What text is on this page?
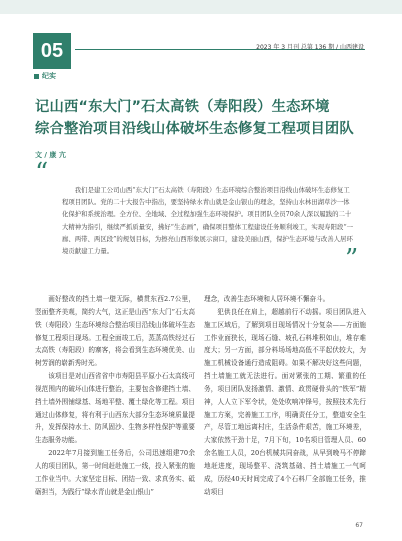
05	2023 年 3 月刊 总第 136 期 / 山西建设
纪实
记山西“东大门”石太高铁（寿阳段）生态环境
综合整治项目沿线山体破坏生态修复工程项目团队
文 / 康 亢
“
我们是建工公司山西“东大门”石太高铁（寿阳段）生态环境综合整治项目沿线山体破坏生态修复工程项目团队。党的二十大报告中指出，要坚持绿水青山就是金山银山的理念，坚持山水林田湖草沙一体化保护和系统治理。全方位、全地域、全过程加强生态环境保护。项目团队全员70余人深以履践的二十大精神为指引，继续严抓质量安，拂好“生态画”，确保项目整体工程建设任务顺利竣工，实现寿阳段“一廊、两带、两区段”的规划目标，为擦亮山西形象展示窗口，建设美丽山西，保护生态环境与改善人居环境贡献建工力量。	”

画好整改的挡土墙一壁无际，横贯东西2.7公里，竖面整齐美观，简约大气，这正是山西“东大门”石太高铁（寿阳段）生态环境综合整治项目沿线山体破坏生态修复工程项目现场。工程全面竣工后，蒸蒸高铁经过石太高铁（寿阳段）的寨客，将会看到生态环境优美、山树芳润的崭新秀时光。

该项目是对山西省省中市寿阳县平原小石太高线可视范围内的破坏山体进行整治，主要包含修建挡土墙、挡土墙外围铺绿基、场地平整、覆土绿化等工程。项目通过山体修复，将有利于山西东大部分生态环境质量提升，发挥保持水土、防风固沙、生物多样性保护等重要生态服务功能。

2022年7月接到施工任务后，公司迅速组建70余人的项目团队，第一时间赶赴施工一线，投入紧张的施工作业当中。大家坚定目标、团结一致、求真务实、砥砺担当，为践行“绿水青山就是金山银山”

理念，改善生态环境和人居环境不懈奋斗。

犯供良任在肩上，超越前行不动摇。项目团队进入施工区域后，了解到项目现场情况十分复杂——方面施工作业面狭长，现场石缝、坡孔石料堆积如山，堆存难度大；另一方面，部分料场场地高低不平起伏较大，为施工机械设备通行造成阻碍。如果不解决好这些问题，挡土墙施工就无法进行。面对紧张的工期、繁重的任务，项目团队发扬激情、激情、政贯硬骨头的“铁军”精神，人人立下军令状，处处吹响冲锋号，按照技术先行施工方案，完善施工工序，明确责任分工，整道安全生产，尽管工地远离村庄，生活条件艰苦，施工环境差，大家依然干劲十足，7月下旬，10名项目管理人员、60余名施工人员，20台机械共同奋战，从早到晚马不停蹄地赶进度，现场整平、浇筑基础、挡土墙施工一气呵成，历经40天时间完成了4个石料厂全部施工任务，推动项目

67
